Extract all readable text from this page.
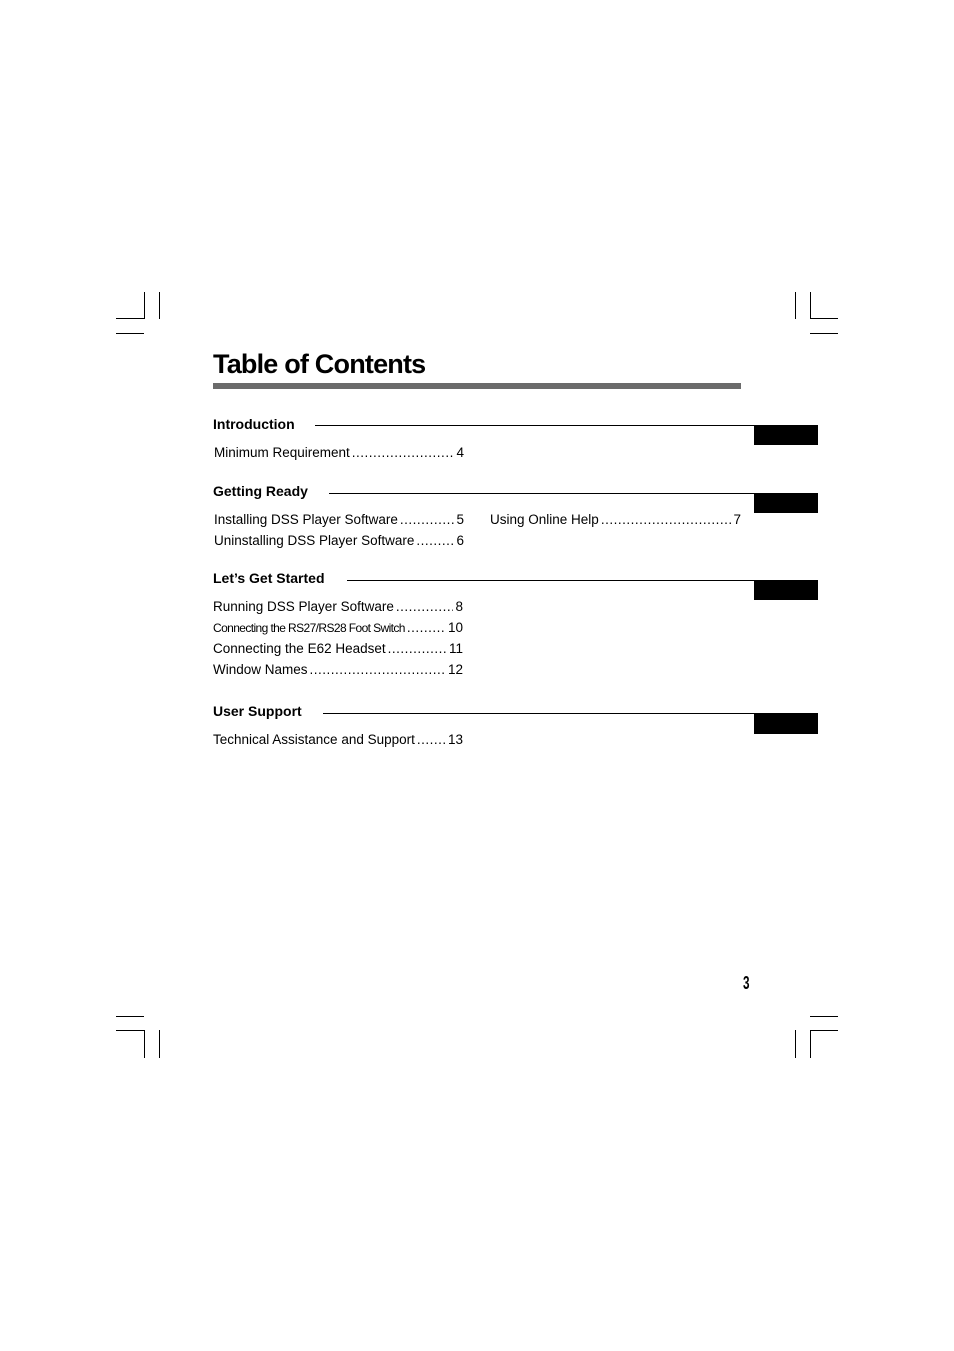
Table of Contents
Introduction
Minimum Requirement .....	4
Getting Ready
Installing DSS Player Software .....	5
Uninstalling DSS Player Software .....	6
Using Online Help .....	7
Let’s Get Started
Running DSS Player Software .....	8
Connecting the RS27/RS28 Foot Switch .....	10
Connecting the E62 Headset .....	11
Window Names .....	12
User Support
Technical Assistance and Support ..... 13
3
